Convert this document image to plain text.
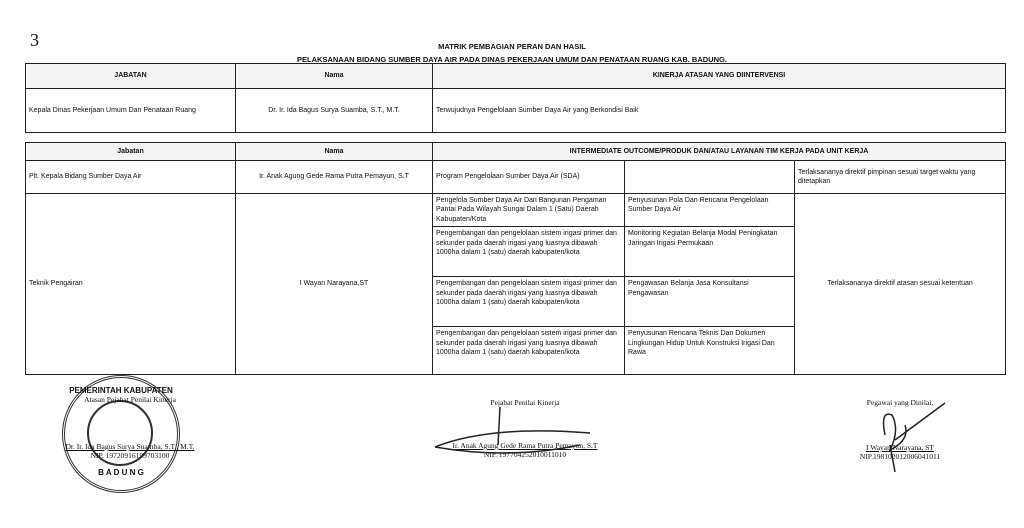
3	MATRIK PEMBAGIAN PERAN DAN HASIL
PELAKSANAAN BIDANG SUMBER DAYA AIR PADA DINAS PEKERJAAN UMUM DAN PENATAAN RUANG KAB. BADUNG.
JABATAN	Nama	KINERJA ATASAN YANG DIINTERVENSI		
Kepala Dinas Pekerjaan Umum Dan Penataan Ruang	Dr. Ir. Ida Bagus Surya Suamba, S.T., M.T.	Terwujudnya Pengelolaan Sumber Daya Air yang Berkondisi Baik		

Jabatan	Nama	INTERMEDIATE OUTCOME/PRODUK DAN/ATAU LAYANAN TIM KERJA PADA UNIT KERJA		
Plt. Kepala Bidang Sumber Daya Air	Ir. Anak Agung Gede Rama Putra Pemayun, S.T	Program Pengelolaan Sumber Daya Air (SDA)		Terlaksananya direktif pimpinan sesuai target waktu yang ditetapkan
Teknik Pengairan	I Wayan Narayana,ST	Pengelola Sumber Daya Air Dan Bangunan Pengaman Pantai Pada Wilayah Sungai Dalam 1 (Satu) Daerah Kabupaten/Kota	Penyusunan Pola Dan Rencana Pengelolaan Sumber Daya Air	Terlaksananya direktif atasan sesuai ketentuan
		Pengembangan dan pengelolaan sistem irigasi primer dan sekunder pada daerah irigasi yang luasnya dibawah 1000ha dalam 1 (satu) daerah kabupaten/kota	Monitoring Kegiatan Belanja Modal Peningkatan Jaringan Irigasi Permukaan	
		Pengembangan dan pengelolaan sistem irigasi primer dan sekunder pada daerah irigasi yang luasnya dibawah 1000ha dalam 1 (satu) daerah kabupaten/kota	Pengawasan Belanja Jasa Konsultansi Pengawasan	
		Pengembangan dan pengelolaan sistem irigasi primer dan sekunder pada daerah irigasi yang luasnya dibawah 1000ha dalam 1 (satu) daerah kabupaten/kota	Penyusunan Rencana Teknis Dan Dokumen Lingkungan Hidup Untuk Konstruksi Irigasi Dan Rawa	
PEMERINTAH KABUPATEN
B A D U N G
Atasan Pejabat Penilai Kinerja
Dr. Ir. Ida Bagus Surya Suamba, S.T., M.T.
NIP. 19720916199703100
Pejabat Penilai Kinerja
Ir. Anak Agung Gede Rama Putra Pemayun, S.T
NIP. 197704252010011010
Pegawai yang Dinilai,
I Wayan Narayana, ST
NIP.198102012006041011
